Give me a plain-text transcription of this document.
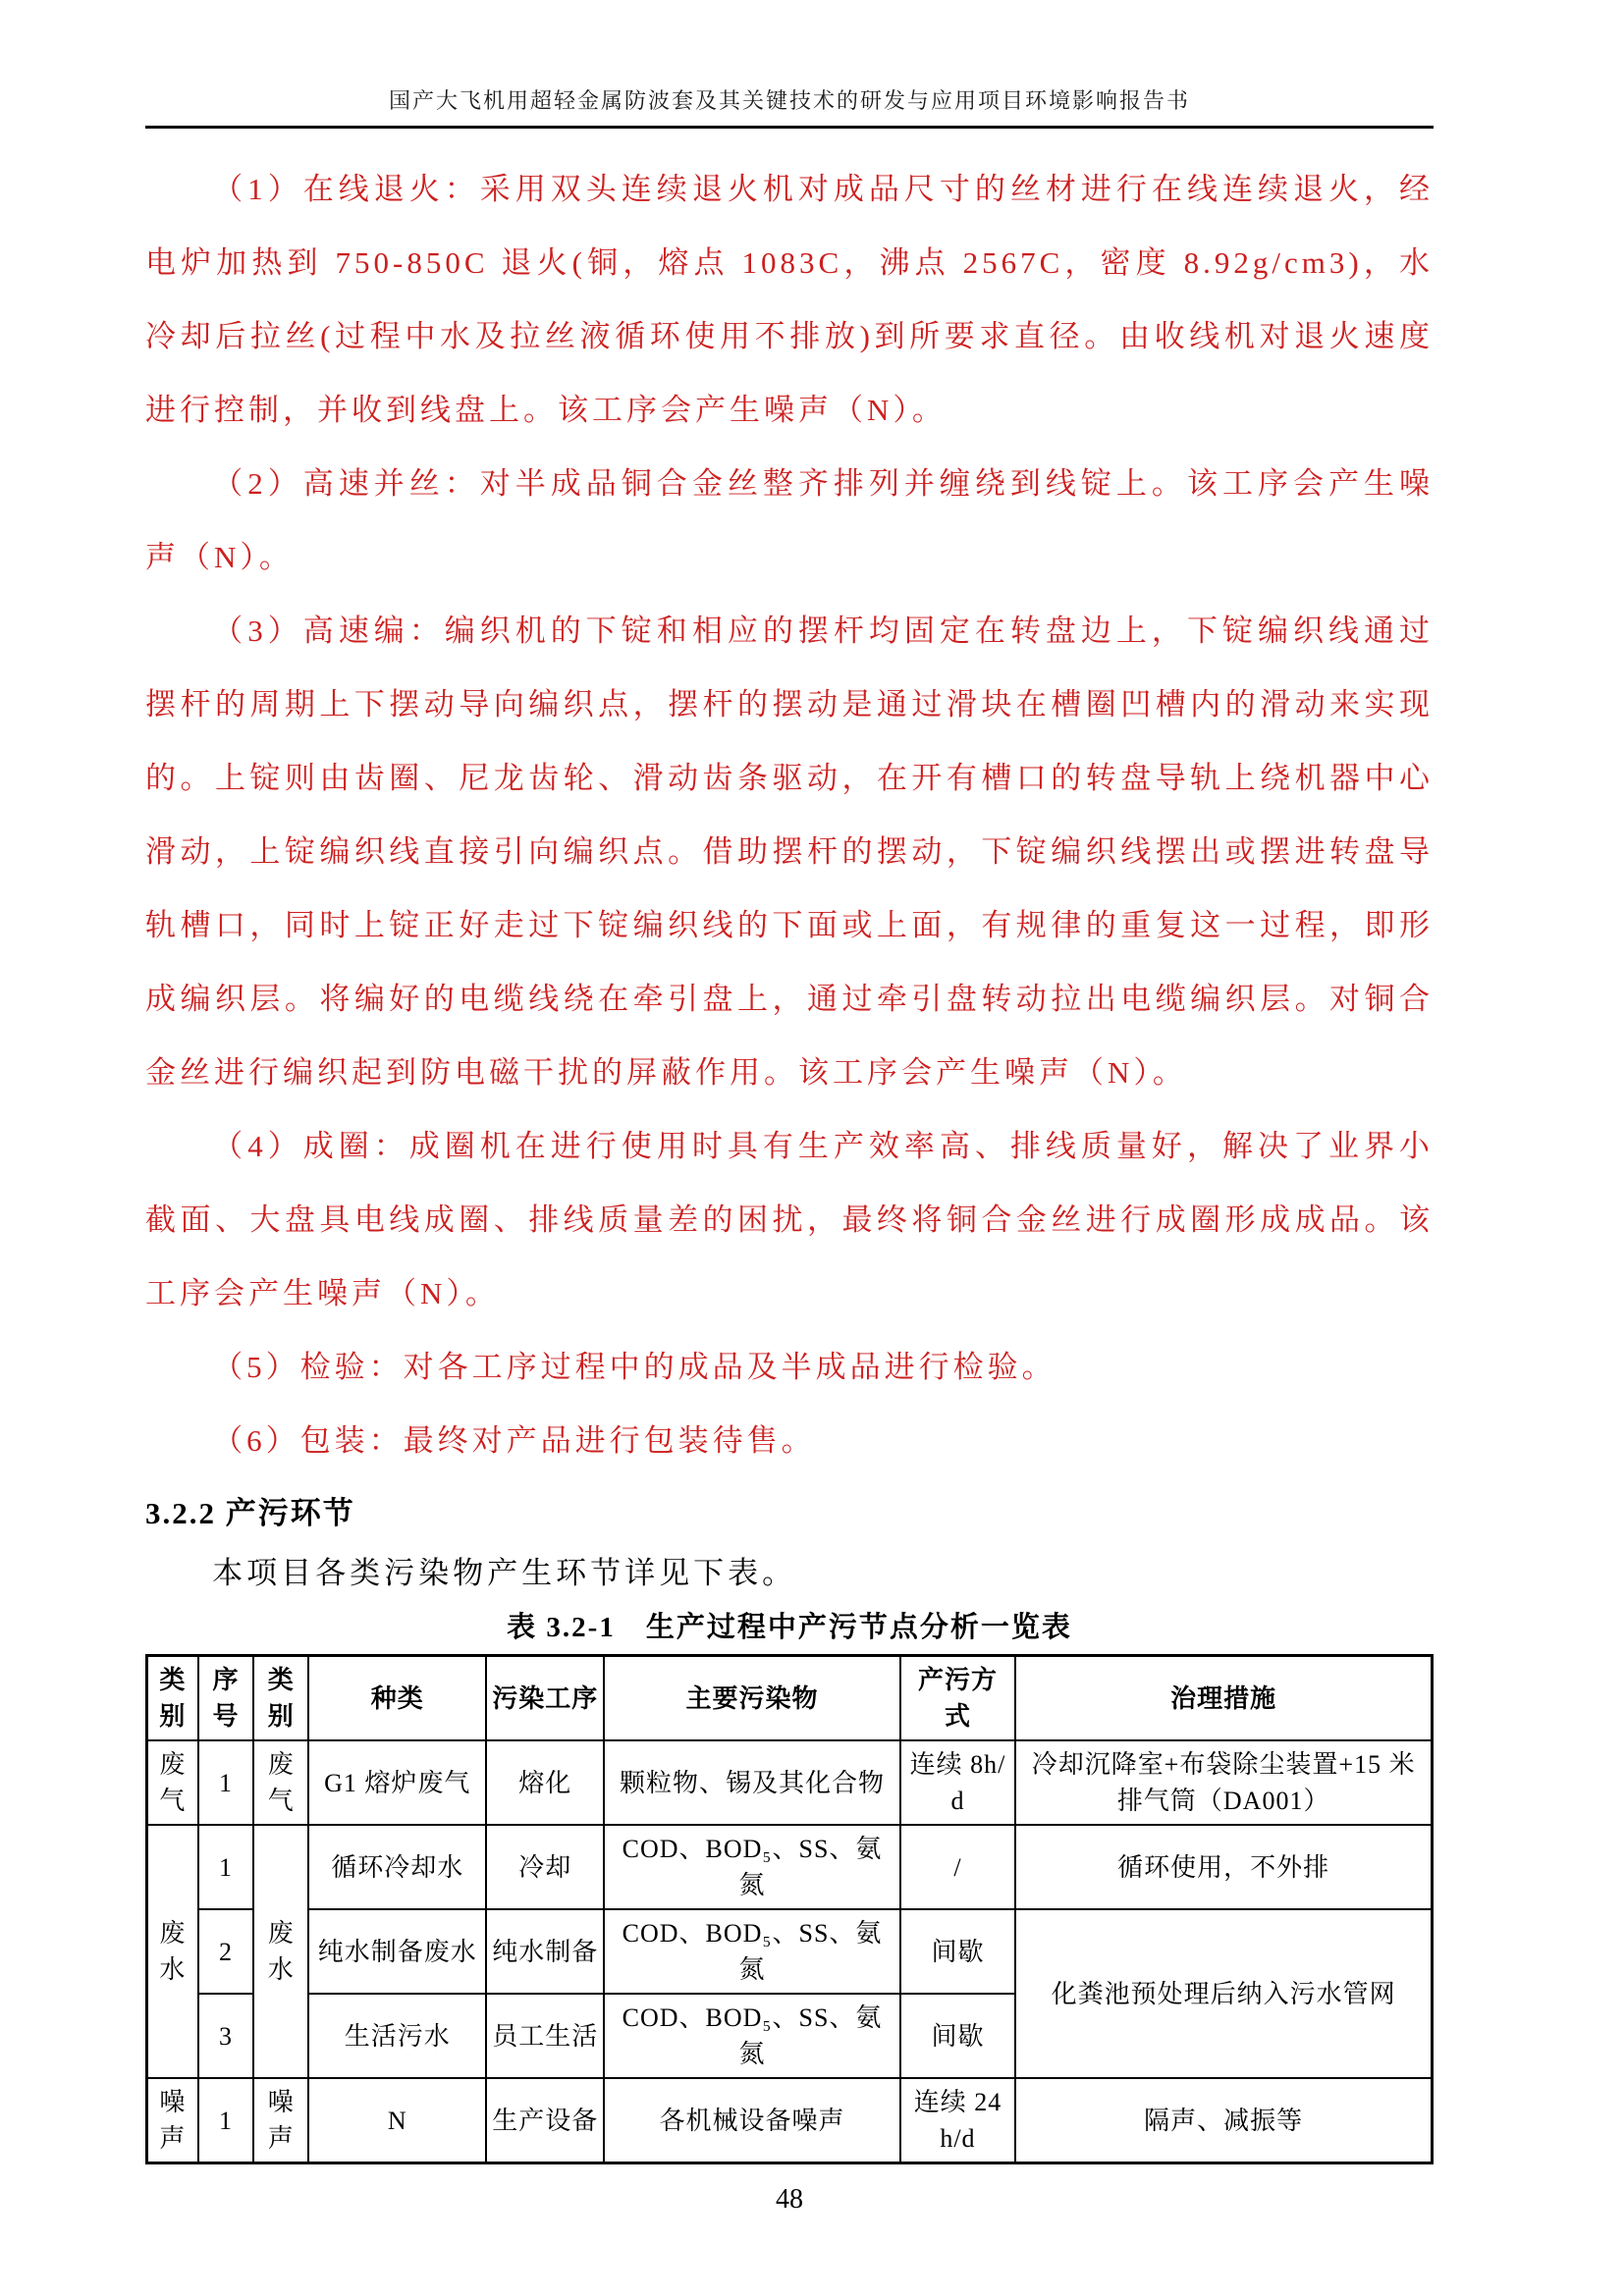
国产大飞机用超轻金属防波套及其关键技术的研发与应用项目环境影响报告书

（1）在线退火：采用双头连续退火机对成品尺寸的丝材进行在线连续退火，经电炉加热到 750-850C 退火(铜，熔点 1083C，沸点 2567C，密度 8.92g/cm3)，水冷却后拉丝(过程中水及拉丝液循环使用不排放)到所要求直径。由收线机对退火速度进行控制，并收到线盘上。该工序会产生噪声（N）。

（2）高速并丝：对半成品铜合金丝整齐排列并缠绕到线锭上。该工序会产生噪声（N）。

（3）高速编：编织机的下锭和相应的摆杆均固定在转盘边上，下锭编织线通过摆杆的周期上下摆动导向编织点，摆杆的摆动是通过滑块在槽圈凹槽内的滑动来实现的。上锭则由齿圈、尼龙齿轮、滑动齿条驱动，在开有槽口的转盘导轨上绕机器中心滑动，上锭编织线直接引向编织点。借助摆杆的摆动，下锭编织线摆出或摆进转盘导轨槽口，同时上锭正好走过下锭编织线的下面或上面，有规律的重复这一过程，即形成编织层。将编好的电缆线绕在牵引盘上，通过牵引盘转动拉出电缆编织层。对铜合金丝进行编织起到防电磁干扰的屏蔽作用。该工序会产生噪声（N）。

（4）成圈：成圈机在进行使用时具有生产效率高、排线质量好，解决了业界小截面、大盘具电线成圈、排线质量差的困扰，最终将铜合金丝进行成圈形成成品。该工序会产生噪声（N）。

（5）检验：对各工序过程中的成品及半成品进行检验。

（6）包装：最终对产品进行包装待售。

3.2.2 产污环节

本项目各类污染物产生环节详见下表。

表 3.2-1　生产过程中产污节点分析一览表
类别	序号	类别	种类	污染工序	主要污染物	产污方式	治理措施
废气	1	废气	G1 熔炉废气	熔化	颗粒物、锡及其化合物	连续 8h/d	冷却沉降室+布袋除尘装置+15 米排气筒（DA001）
废水	1	废水	循环冷却水	冷却	COD、BOD₅、SS、氨氮	/	循环使用，不外排
	2		纯水制备废水	纯水制备	COD、BOD₅、SS、氨氮	间歇	化粪池预处理后纳入污水管网
	3		生活污水	员工生活	COD、BOD₅、SS、氨氮	间歇	
噪声	1	噪声	N	生产设备	各机械设备噪声	连续 24h/d	隔声、减振等
48
